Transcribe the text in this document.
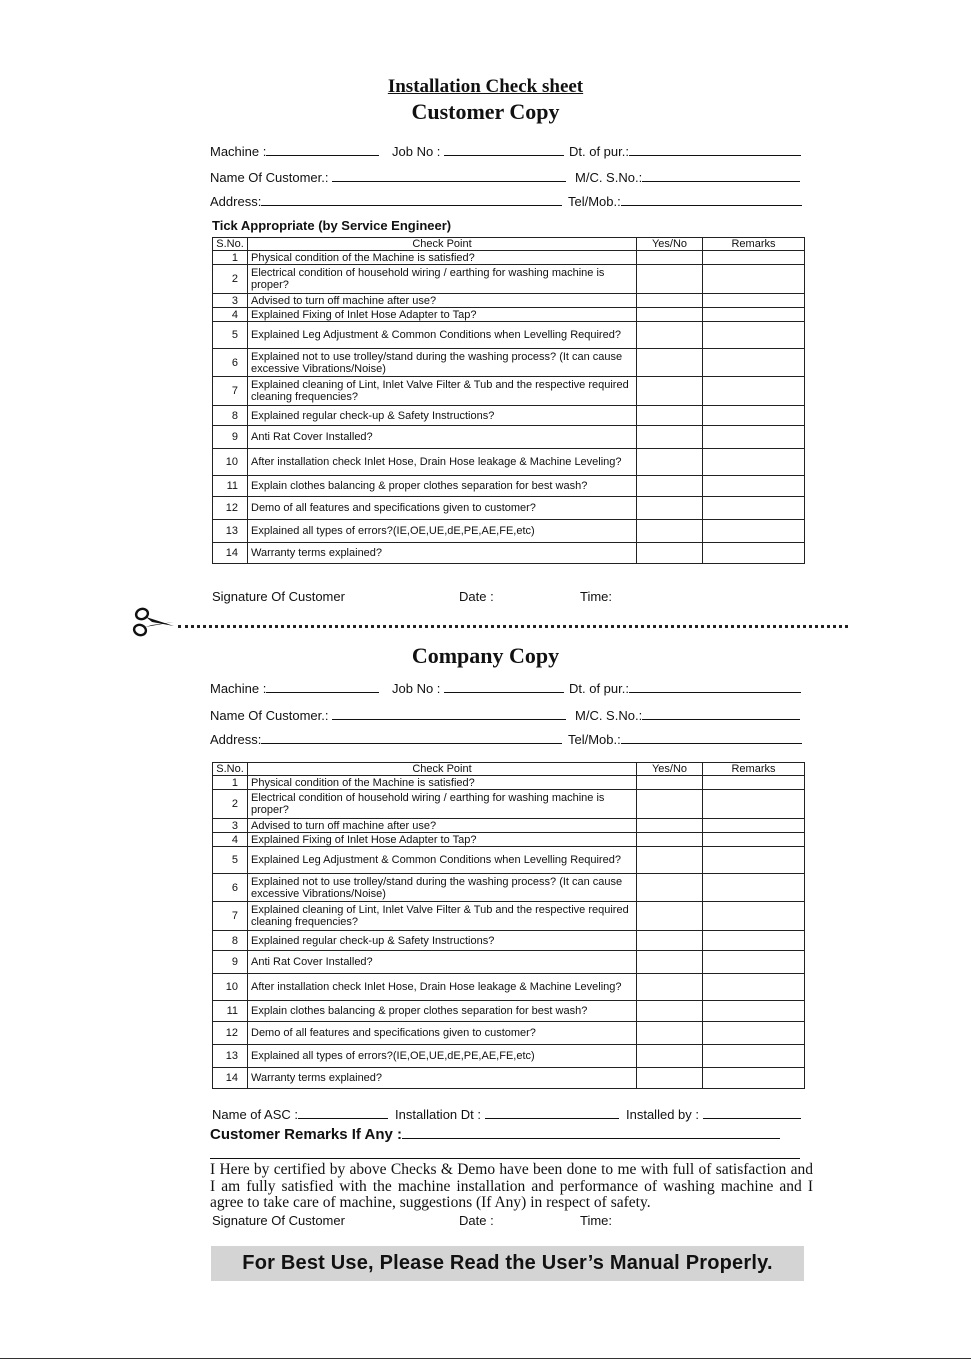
Installation Check sheet
Customer Copy
Machine :	Job No :	Dt. of pur.:
Name Of Customer.:	M/C. S.No.:
Address:	Tel/Mob.:
Tick Appropriate (by Service Engineer)
S.No.	Check Point	Yes/No	Remarks
1	Physical condition of the Machine is satisfied?		
2	Electrical condition of household wiring / earthing for washing machine is proper?		
3	Advised to turn off machine after use?		
4	Explained Fixing of Inlet Hose Adapter to Tap?		
5	Explained Leg Adjustment & Common Conditions when Levelling Required?		
6	Explained not to use trolley/stand during the washing process? (It can cause excessive Vibrations/Noise)		
7	Explained cleaning of Lint, Inlet Valve Filter & Tub and the respective required cleaning frequencies?		
8	Explained regular check-up & Safety Instructions?		
9	Anti Rat Cover Installed?		
10	After installation check Inlet Hose, Drain Hose leakage & Machine Leveling?		
11	Explain clothes balancing & proper clothes separation for best wash?		
12	Demo of all features and specifications given to customer?		
13	Explained all types of errors?(IE,OE,UE,dE,PE,AE,FE,etc)		
14	Warranty terms explained?		
Signature Of Customer	Date :	Time:
Company Copy
Machine :	Job No :	Dt. of pur.:
Name Of Customer.:	M/C. S.No.:
Address:	Tel/Mob.:
S.No.	Check Point	Yes/No	Remarks
1	Physical condition of the Machine is satisfied?		
2	Electrical condition of household wiring / earthing for washing machine is proper?		
3	Advised to turn off machine after use?		
4	Explained Fixing of Inlet Hose Adapter to Tap?		
5	Explained Leg Adjustment & Common Conditions when Levelling Required?		
6	Explained not to use trolley/stand during the washing process? (It can cause excessive Vibrations/Noise)		
7	Explained cleaning of Lint, Inlet Valve Filter & Tub and the respective required cleaning frequencies?		
8	Explained regular check-up & Safety Instructions?		
9	Anti Rat Cover Installed?		
10	After installation check Inlet Hose, Drain Hose leakage & Machine Leveling?		
11	Explain clothes balancing & proper clothes separation for best wash?		
12	Demo of all features and specifications given to customer?		
13	Explained all types of errors?(IE,OE,UE,dE,PE,AE,FE,etc)		
14	Warranty terms explained?		
Name of ASC :	Installation Dt :	Installed by :
Customer Remarks If Any :
I Here by certified by above Checks & Demo have been done to me with full of satisfaction and I am fully satisfied with the machine installation and performance of washing machine and I agree to take care of machine, suggestions (If Any) in respect of safety.
Signature Of Customer	Date :	Time:
For Best Use, Please Read the User’s Manual Properly.
